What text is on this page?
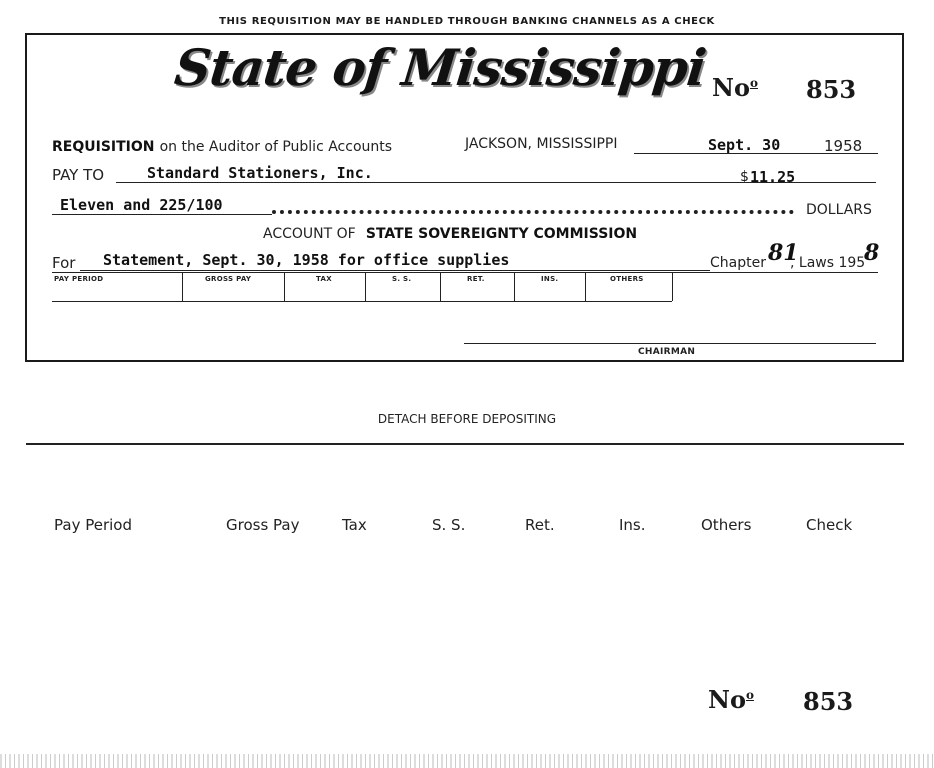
THIS REQUISITION MAY BE HANDLED THROUGH BANKING CHANNELS AS A CHECK
State of Mississippi No$^o$ 853
REQUISITION on the Auditor of Public Accounts	JACKSON, MISSISSIPPI	Sept. 30	1958
PAY TO	Standard Stationers, Inc.	$ 11.25
Eleven and 225/100	DOLLARS
ACCOUNT OF STATE SOVEREIGNTY COMMISSION
For Statement, Sept. 30, 1958 for office supplies	Chapter 81
, Laws 195
8
PAY PERIOD	GROSS PAY	TAX	S. S.	RET.	INS.	OTHERS
CHAIRMAN
DETACH BEFORE DEPOSITING
Pay Period	Gross Pay	Tax	S. S.	Ret.	Ins.	Others	Check
No$^o$ 853
